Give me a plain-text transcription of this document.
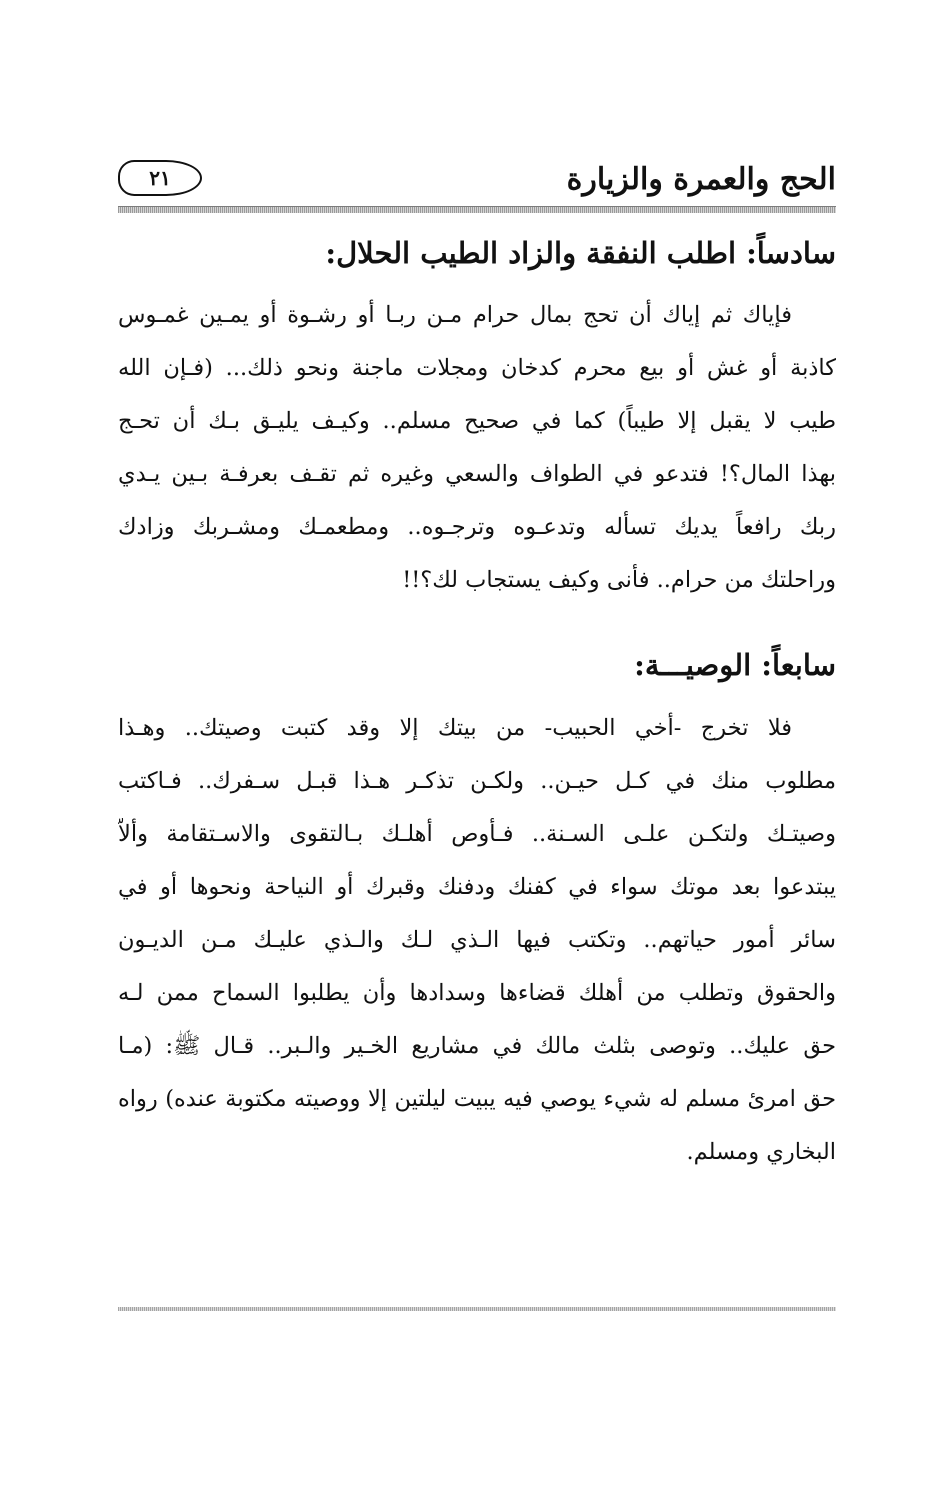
الحج والعمرة والزيارة
٢١
سادساً: اطلب النفقة والزاد الطيب الحلال:
فإياك ثم إياك أن تحج بمال حرام مـن ربـا أو رشـوة أو يمـين غمـوس
كاذبة أو غش أو بيع محرم كدخان ومجلات ماجنة ونحو ذلك... (فـإن الله
طيب لا يقبل إلا طيباً) كما في صحيح مسلم.. وكيـف يليـق بـك أن تحـج
بهذا المال؟! فتدعو في الطواف والسعي وغيره ثم تقـف بعرفـة بـين يـدي
ربك رافعاً يديك تسأله وتدعـوه وترجـوه.. ومطعمـك ومشـربك وزادك
وراحلتك من حرام.. فأنى وكيف يستجاب لك؟!!
سابعاً: الوصيـــة:
فلا تخرج -أخي الحبيب- من بيتك إلا وقد كتبت وصيتك.. وهـذا
مطلوب منك في كـل حيـن.. ولكـن تذكـر هـذا قبـل سـفرك.. فـاكتب
وصيتـك ولتكـن علـى السـنة.. فـأوص أهلـك بـالتقوى والاسـتقامة وألاّ
يبتدعوا بعد موتك سواء في كفنك ودفنك وقبرك أو النياحة ونحوها أو في
سائر أمور حياتهم.. وتكتب فيها الـذي لـك والـذي عليـك مـن الديـون
والحقوق وتطلب من أهلك قضاءها وسدادها وأن يطلبوا السماح ممن لـه
حق عليك.. وتوصى بثلث مالك في مشاريع الخـير والـبر.. قـال ﷺ: (مـا
حق امرئ مسلم له شيء يوصي فيه يبيت ليلتين إلا ووصيته مكتوبة عنده) رواه
البخاري ومسلم.
